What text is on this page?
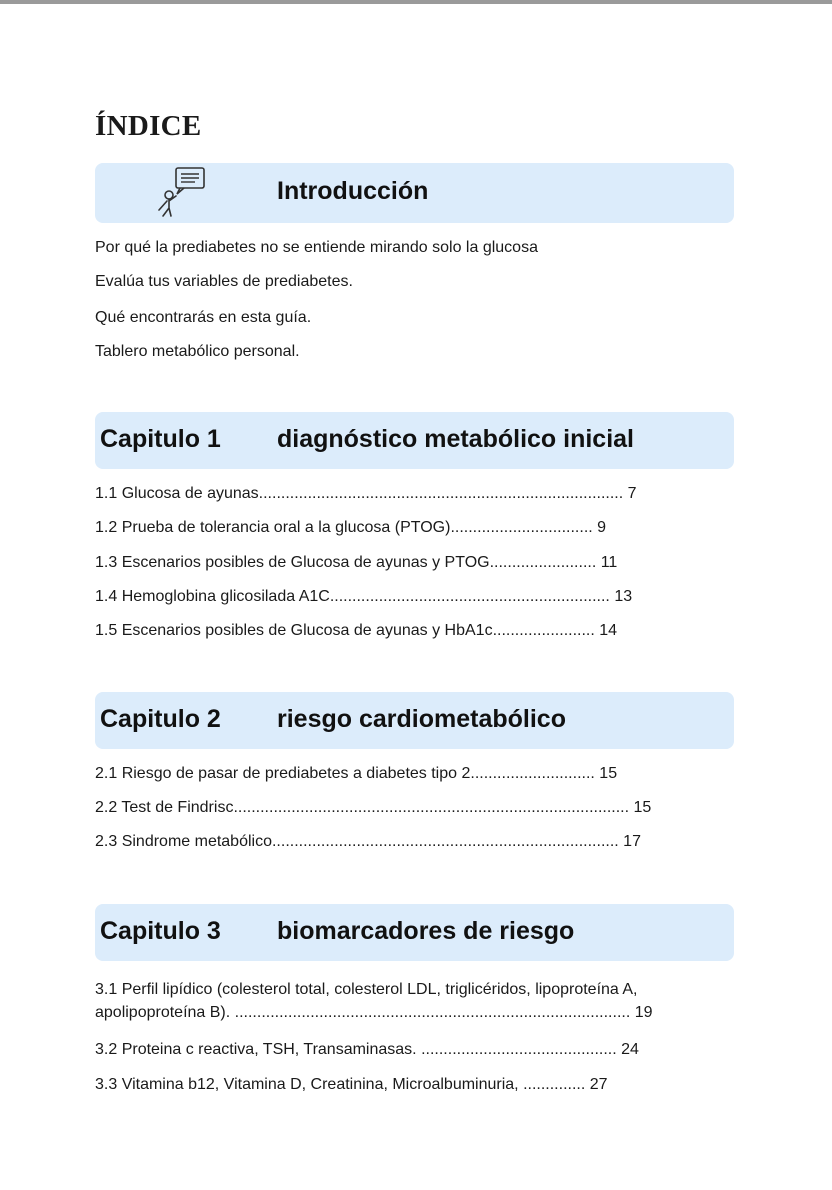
ÍNDICE
Introducción
Por qué la prediabetes no se entiende mirando solo la glucosa
Evalúa tus variables de prediabetes.
Qué encontrarás en esta guía.
Tablero metabólico personal.
Capitulo 1 diagnóstico metabólico inicial
1.1 Glucosa de ayunas.................................................................................. 7
1.2 Prueba de tolerancia oral a la glucosa (PTOG)................................ 9
1.3 Escenarios posibles de Glucosa de ayunas y PTOG........................ 11
1.4 Hemoglobina glicosilada A1C............................................................... 13
1.5 Escenarios posibles de Glucosa de ayunas y HbA1c....................... 14
Capitulo 2 riesgo cardiometabólico
2.1 Riesgo de pasar de prediabetes a diabetes tipo 2............................ 15
2.2 Test de Findrisc......................................................................................... 15
2.3 Sindrome metabólico.............................................................................. 17
Capitulo 3 biomarcadores de riesgo
3.1 Perfil lipídico (colesterol total, colesterol LDL, triglicéridos, lipoproteína A, apolipoproteína B). ......................................................................................... 19
3.2 Proteina c reactiva, TSH, Transaminasas. ............................................ 24
3.3 Vitamina b12, Vitamina D, Creatinina, Microalbuminuria, .............. 27
